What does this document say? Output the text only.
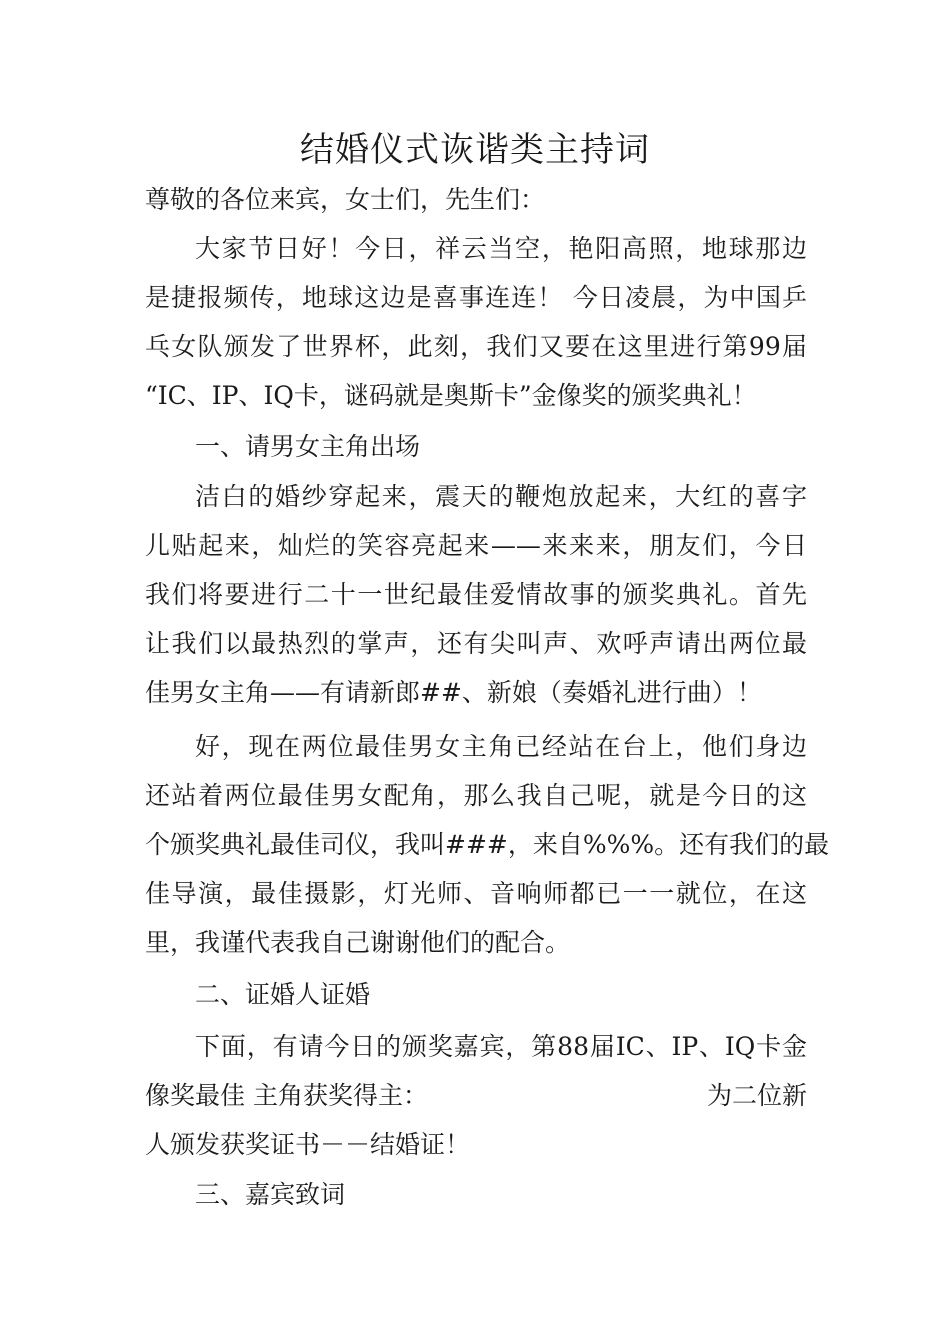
结婚仪式诙谐类主持词
尊敬的各位来宾，女士们，先生们：
大家节日好！今日，祥云当空，艳阳高照，地球那边
是捷报频传，地球这边是喜事连连！ 今日凌晨，为中国乒
乓女队颁发了世界杯，此刻，我们又要在这里进行第99届
“IC、IP、IQ卡，谜码就是奥斯卡”金像奖的颁奖典礼！
一、请男女主角出场
洁白的婚纱穿起来，震天的鞭炮放起来，大红的喜字
儿贴起来，灿烂的笑容亮起来——来来来，朋友们，今日
我们将要进行二十一世纪最佳爱情故事的颁奖典礼。首先
让我们以最热烈的掌声，还有尖叫声、欢呼声请出两位最
佳男女主角——有请新郎##、新娘（奏婚礼进行曲）！
好，现在两位最佳男女主角已经站在台上，他们身边
还站着两位最佳男女配角，那么我自己呢，就是今日的这
个颁奖典礼最佳司仪，我叫###，来自%%%。还有我们的最
佳导演，最佳摄影，灯光师、音响师都已一一就位，在这
里，我谨代表我自己谢谢他们的配合。
二、证婚人证婚
下面，有请今日的颁奖嘉宾，第88届IC、IP、IQ卡金
像奖最佳 主角获奖得主：	为二位新
人颁发获奖证书－－结婚证！
三、嘉宾致词
